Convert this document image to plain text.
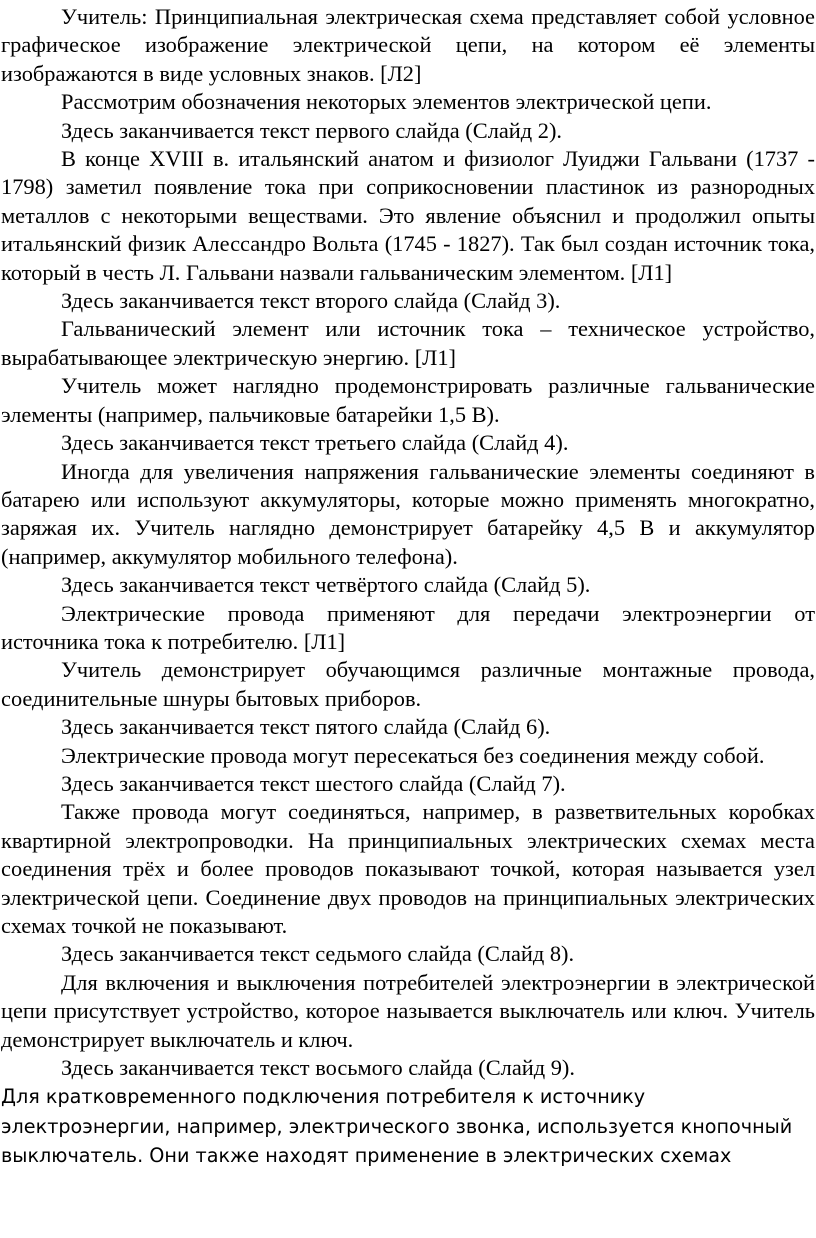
Учитель: Принципиальная электрическая схема представляет собой условное графическое изображение электрической цепи, на котором её элементы изображаются в виде условных знаков. [Л2]

Рассмотрим обозначения некоторых элементов электрической цепи.

Здесь заканчивается текст первого слайда (Слайд 2).

В конце XVIII в. итальянский анатом и физиолог Луиджи Гальвани (1737 - 1798) заметил появление тока при соприкосновении пластинок из разнородных металлов с некоторыми веществами. Это явление объяснил и продолжил опыты итальянский физик Алессандро Вольта (1745 - 1827). Так был создан источник тока, который в честь Л. Гальвани назвали гальваническим элементом. [Л1]

Здесь заканчивается текст второго слайда (Слайд 3).

Гальванический элемент или источник тока – техническое устройство, вырабатывающее электрическую энергию. [Л1]

Учитель может наглядно продемонстрировать различные гальванические элементы (например, пальчиковые батарейки 1,5 В).

Здесь заканчивается текст третьего слайда (Слайд 4).

Иногда для увеличения напряжения гальванические элементы соединяют в батарею или используют аккумуляторы, которые можно применять многократно, заряжая их. Учитель наглядно демонстрирует батарейку 4,5 В и аккумулятор (например, аккумулятор мобильного телефона).

Здесь заканчивается текст четвёртого слайда (Слайд 5).

Электрические провода применяют для передачи электроэнергии от источника тока к потребителю. [Л1]

Учитель демонстрирует обучающимся различные монтажные провода, соединительные шнуры бытовых приборов.

Здесь заканчивается текст пятого слайда (Слайд 6).

Электрические провода могут пересекаться без соединения между собой.

Здесь заканчивается текст шестого слайда (Слайд 7).

Также провода могут соединяться, например, в разветвительных коробках квартирной электропроводки. На принципиальных электрических схемах места соединения трёх и более проводов показывают точкой, которая называется узел электрической цепи. Соединение двух проводов на принципиальных электрических схемах точкой не показывают.

Здесь заканчивается текст седьмого слайда (Слайд 8).

Для включения и выключения потребителей электроэнергии в электрической цепи присутствует устройство, которое называется выключатель или ключ. Учитель демонстрирует выключатель и ключ.

Здесь заканчивается текст восьмого слайда (Слайд 9).

Для кратковременного подключения потребителя к источнику
электроэнергии, например, электрического звонка, используется кнопочный
выключатель. Они также находят применение в электрических схемах
